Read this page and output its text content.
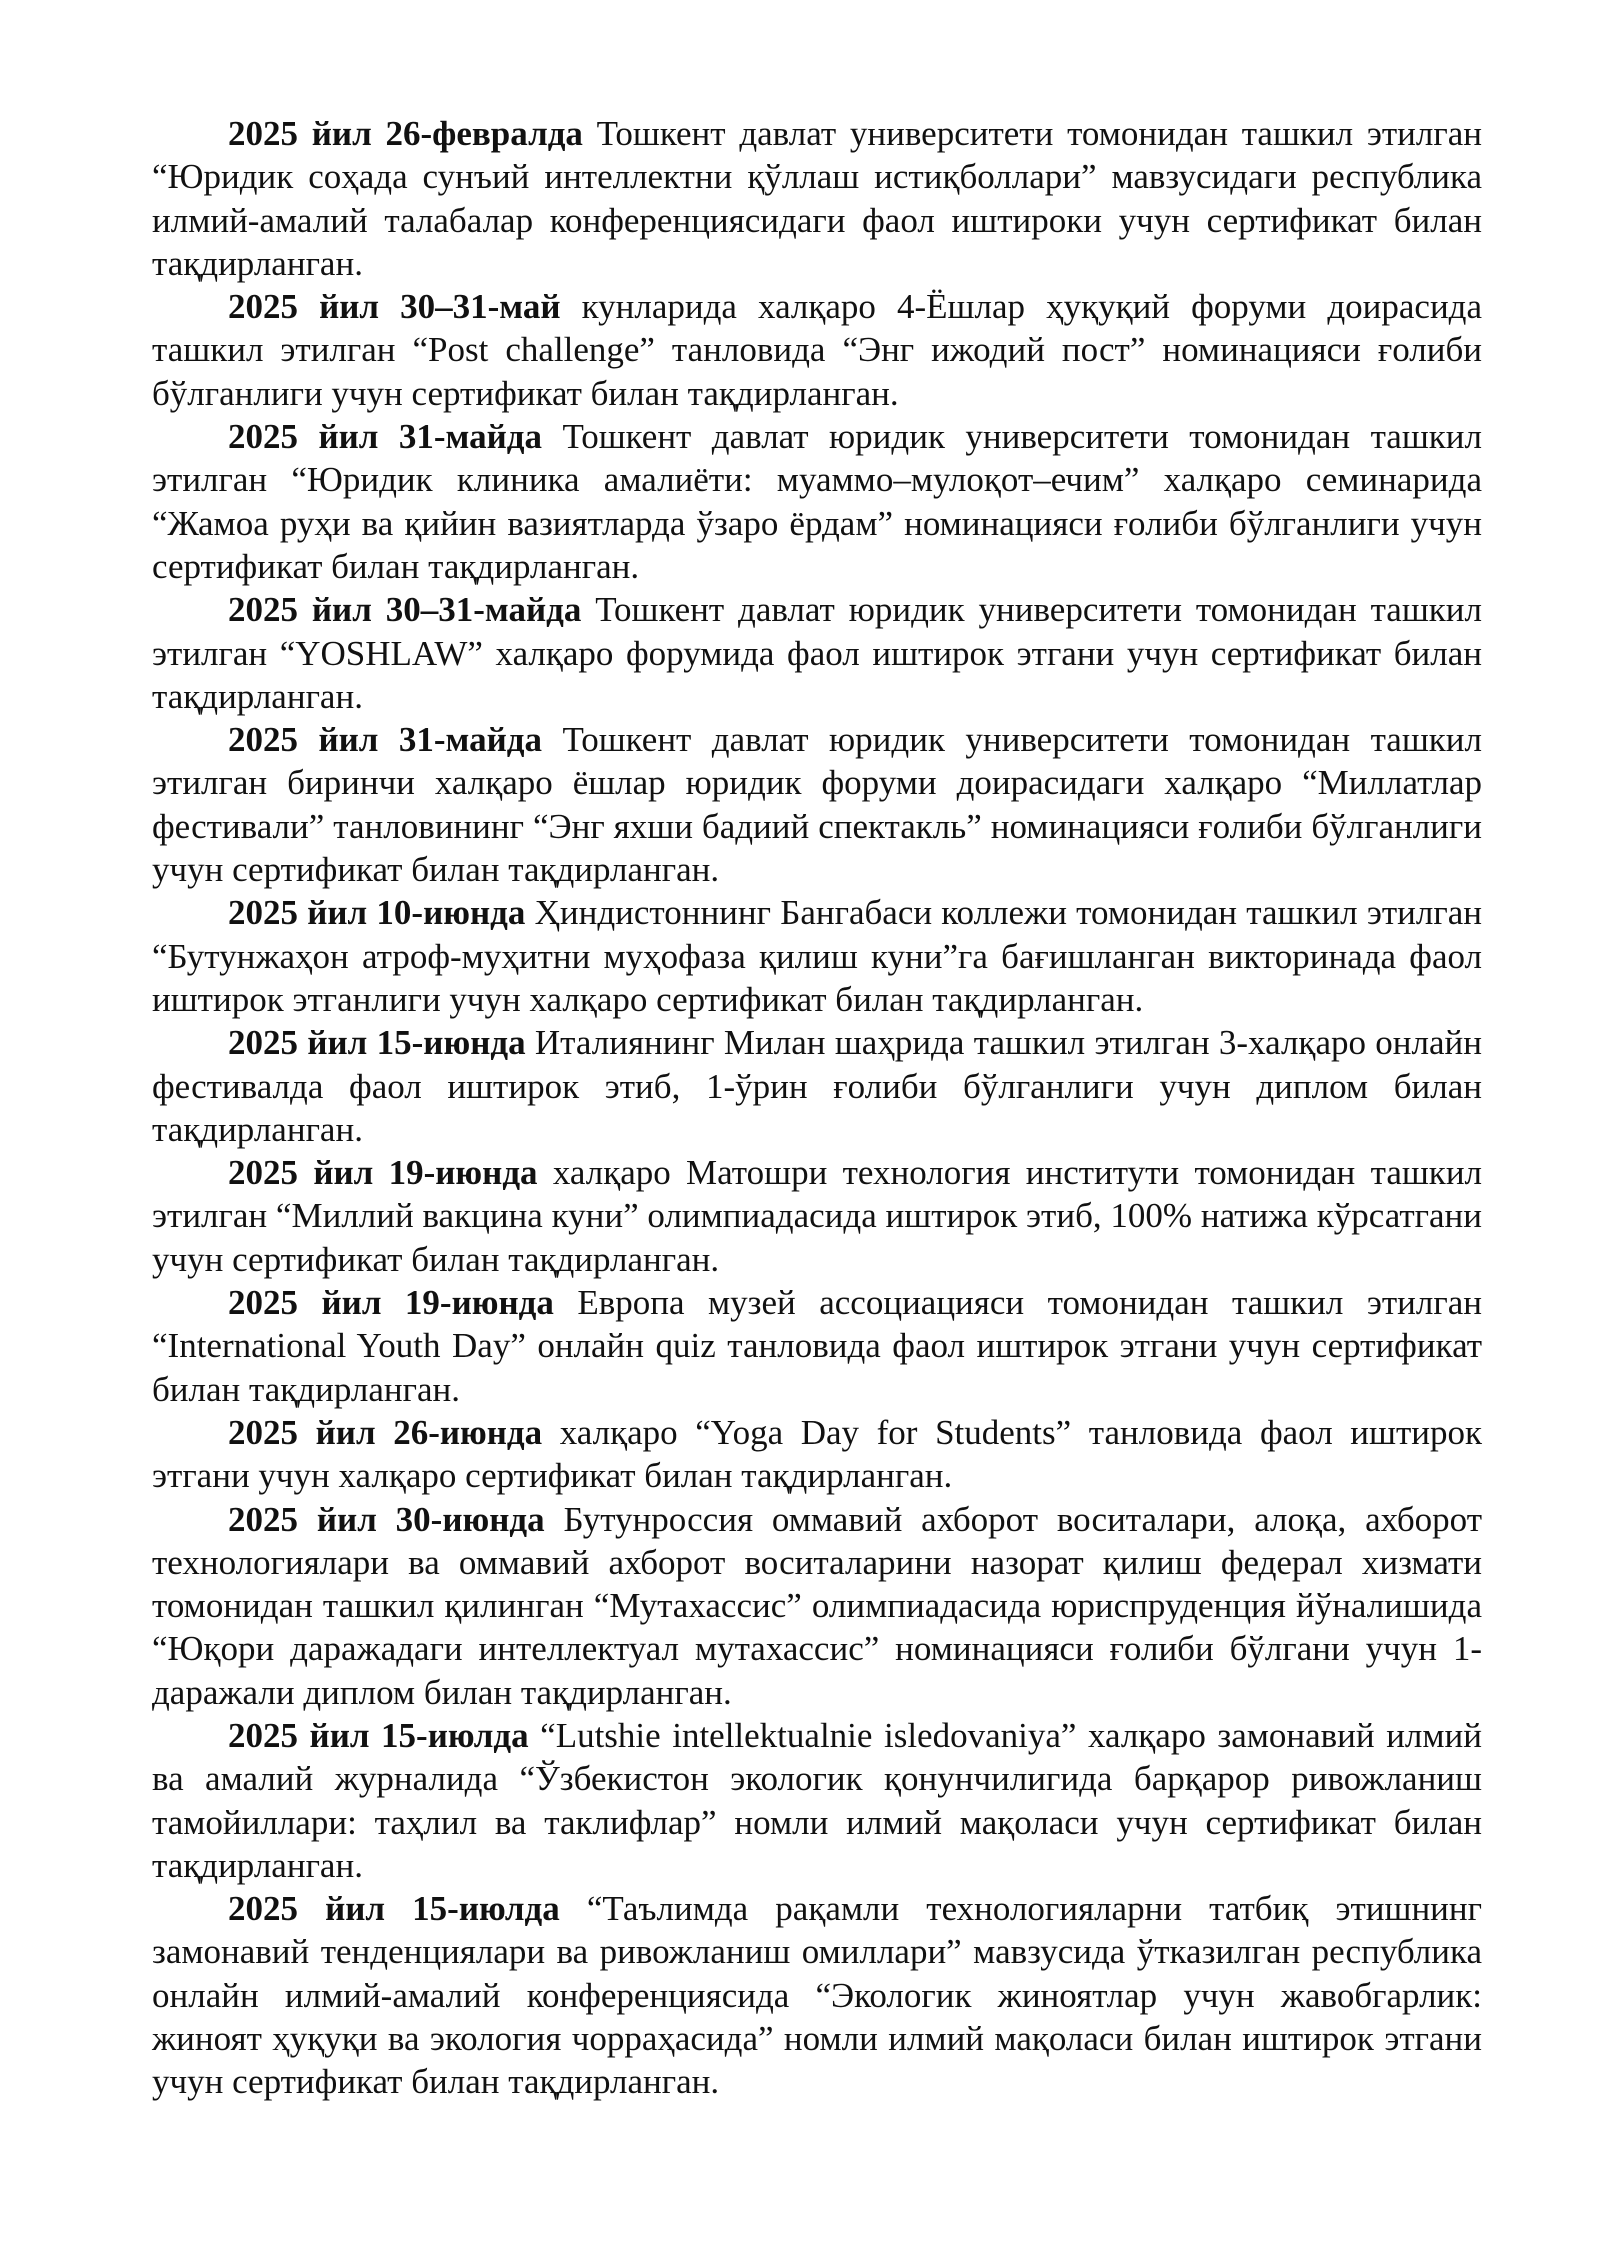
2025 йил 26-февралда Тошкент давлат университети томонидан ташкил этилган “Юридик соҳада сунъий интеллектни қўллаш истиқболлари” мавзусидаги республика илмий-амалий талабалар конференциясидаги фаол иштироки учун сертификат билан тақдирланган.

2025 йил 30–31-май кунларида халқаро 4-Ёшлар ҳуқуқий форуми доирасида ташкил этилган “Post challenge” танловида “Энг ижодий пост” номинацияси ғолиби бўлганлиги учун сертификат билан тақдирланган.

2025 йил 31-майда Тошкент давлат юридик университети томонидан ташкил этилган “Юридик клиника амалиёти: муаммо–мулоқот–ечим” халқаро семинарида “Жамоа руҳи ва қийин вазиятларда ўзаро ёрдам” номинацияси ғолиби бўлганлиги учун сертификат билан тақдирланган.

2025 йил 30–31-майда Тошкент давлат юридик университети томонидан ташкил этилган “YOSHLAW” халқаро форумида фаол иштирок этгани учун сертификат билан тақдирланган.

2025 йил 31-майда Тошкент давлат юридик университети томонидан ташкил этилган биринчи халқаро ёшлар юридик форуми доирасидаги халқаро “Миллатлар фестивали” танловининг “Энг яхши бадиий спектакль” номинацияси ғолиби бўлганлиги учун сертификат билан тақдирланган.

2025 йил 10-июнда Ҳиндистоннинг Бангабаси коллежи томонидан ташкил этилган “Бутунжаҳон атроф-муҳитни муҳофаза қилиш куни”га бағишланган викторинада фаол иштирок этганлиги учун халқаро сертификат билан тақдирланган.

2025 йил 15-июнда Италиянинг Милан шаҳрида ташкил этилган 3-халқаро онлайн фестивалда фаол иштирок этиб, 1-ўрин ғолиби бўлганлиги учун диплом билан тақдирланган.

2025 йил 19-июнда халқаро Матошри технология институти томонидан ташкил этилган “Миллий вакцина куни” олимпиадасида иштирок этиб, 100% натижа кўрсатгани учун сертификат билан тақдирланган.

2025 йил 19-июнда Европа музей ассоциацияси томонидан ташкил этилган “International Youth Day” онлайн quiz танловида фаол иштирок этгани учун сертификат билан тақдирланган.

2025 йил 26-июнда халқаро “Yoga Day for Students” танловида фаол иштирок этгани учун халқаро сертификат билан тақдирланган.

2025 йил 30-июнда Бутунроссия оммавий ахборот воситалари, алоқа, ахборот технологиялари ва оммавий ахборот воситаларини назорат қилиш федерал хизмати томонидан ташкил қилинган “Мутахассис” олимпиадасида юриспруденция йўналишида “Юқори даражадаги интеллектуал мутахассис” номинацияси ғолиби бўлгани учун 1-даражали диплом билан тақдирланган.

2025 йил 15-июлда “Lutshie intellektualnie isledovaniya” халқаро замонавий илмий ва амалий журналида “Ўзбекистон экологик қонунчилигида барқарор ривожланиш тамойиллари: таҳлил ва таклифлар” номли илмий мақоласи учун сертификат билан тақдирланган.

2025 йил 15-июлда “Таълимда рақамли технологияларни татбиқ этишнинг замонавий тенденциялари ва ривожланиш омиллари” мавзусида ўтказилган республика онлайн илмий-амалий конференциясида “Экологик жиноятлар учун жавобгарлик: жиноят ҳуқуқи ва экология чорраҳасида” номли илмий мақоласи билан иштирок этгани учун сертификат билан тақдирланган.
